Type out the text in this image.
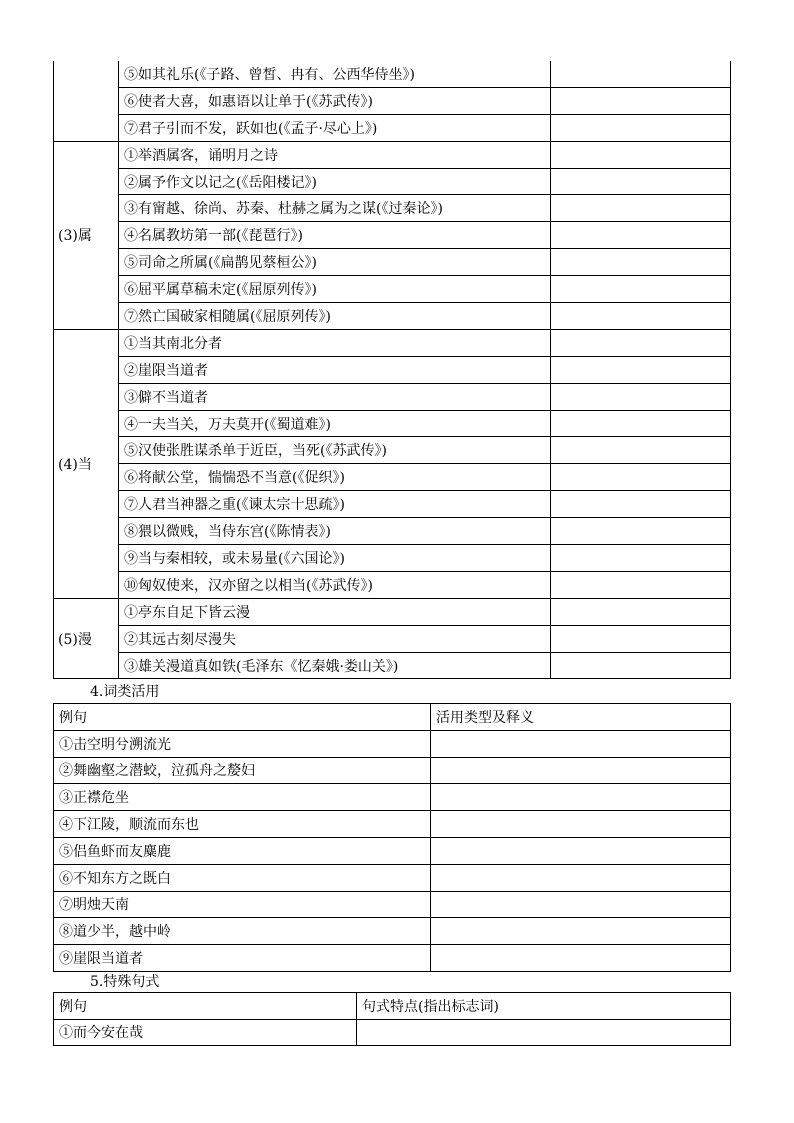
	⑤如其礼乐(《子路、曾皙、冉有、公西华侍坐》)	
	⑥使者大喜，如惠语以让单于(《苏武传》)	
	⑦君子引而不发，跃如也(《孟子·尽心上》)	
(3)属	①举酒属客，诵明月之诗	
	②属予作文以记之(《岳阳楼记》)	
	③有甯越、徐尚、苏秦、杜赫之属为之谋(《过秦论》)	
	④名属教坊第一部(《琵琶行》)	
	⑤司命之所属(《扁鹊见蔡桓公》)	
	⑥屈平属草稿未定(《屈原列传》)	
	⑦然亡国破家相随属(《屈原列传》)	
(4)当	①当其南北分者	
	②崖限当道者	
	③僻不当道者	
	④一夫当关，万夫莫开(《蜀道难》)	
	⑤汉使张胜谋杀单于近臣，当死(《苏武传》)	
	⑥将献公堂，惴惴恐不当意(《促织》)	
	⑦人君当神器之重(《谏太宗十思疏》)	
	⑧猥以微贱，当侍东宫(《陈情表》)	
	⑨当与秦相较，或未易量(《六国论》)	
	⑩匈奴使来，汉亦留之以相当(《苏武传》)	
(5)漫	①亭东自足下皆云漫	
	②其远古刻尽漫失	
	③雄关漫道真如铁(毛泽东《忆秦娥·娄山关》)	
4.词类活用
例句	活用类型及释义
①击空明兮溯流光	
②舞幽壑之潜蛟，泣孤舟之嫠妇	
③正襟危坐	
④下江陵，顺流而东也	
⑤侣鱼虾而友麋鹿	
⑥不知东方之既白	
⑦明烛天南	
⑧道少半，越中岭	
⑨崖限当道者	
5.特殊句式
例句	句式特点(指出标志词)
①而今安在哉	
